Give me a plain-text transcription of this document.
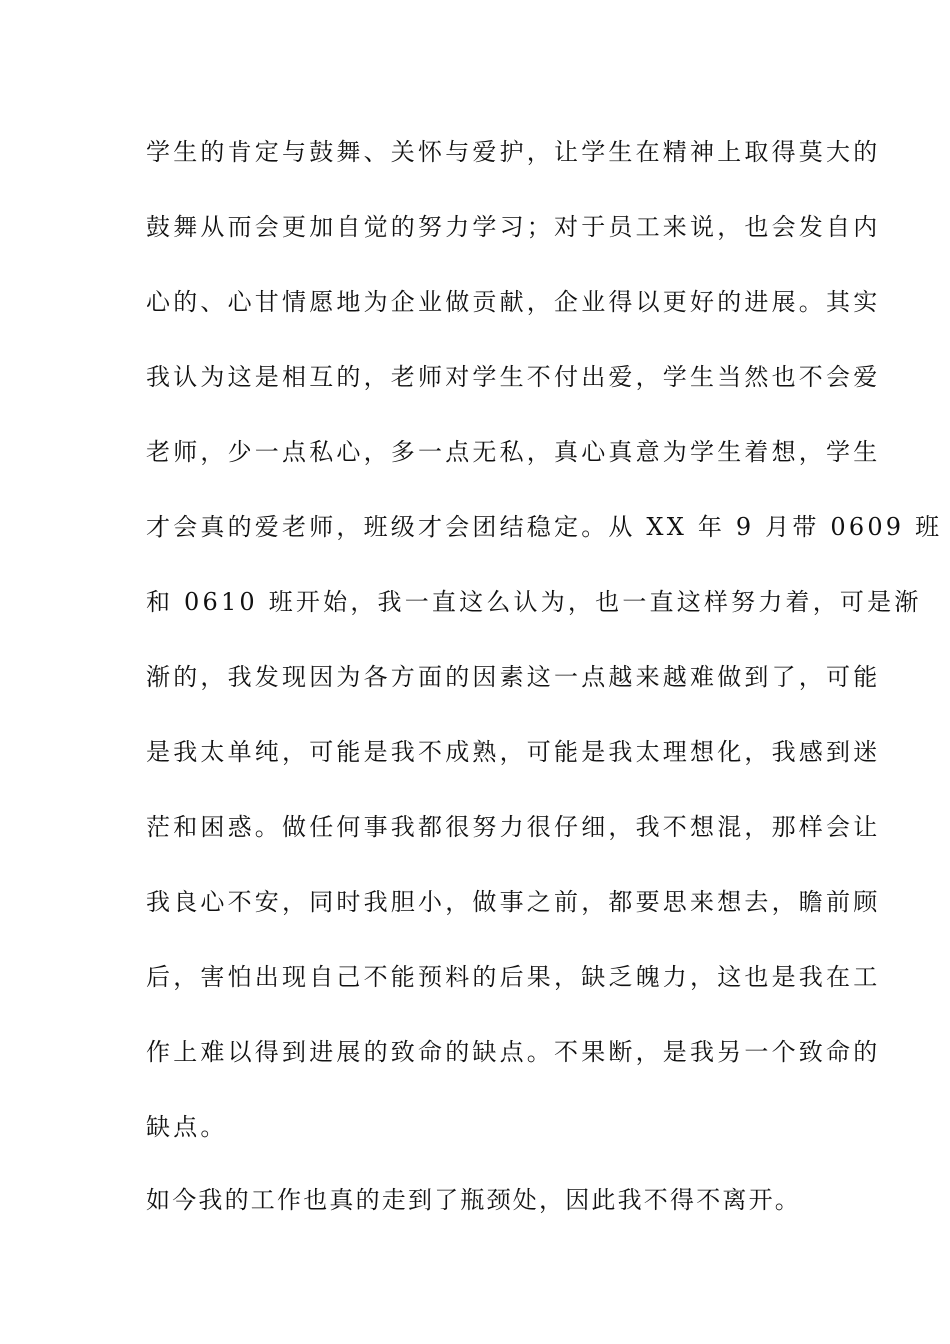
学生的肯定与鼓舞、关怀与爱护，让学生在精神上取得莫大的
鼓舞从而会更加自觉的努力学习；对于员工来说，也会发自内
心的、心甘情愿地为企业做贡献，企业得以更好的进展。其实
我认为这是相互的，老师对学生不付出爱，学生当然也不会爱
老师，少一点私心，多一点无私，真心真意为学生着想，学生
才会真的爱老师，班级才会团结稳定。从 XX 年 9 月带 0609 班
和 0610 班开始，我一直这么认为，也一直这样努力着，可是渐
渐的，我发现因为各方面的因素这一点越来越难做到了，可能
是我太单纯，可能是我不成熟，可能是我太理想化，我感到迷
茫和困惑。做任何事我都很努力很仔细，我不想混，那样会让
我良心不安，同时我胆小，做事之前，都要思来想去，瞻前顾
后，害怕出现自己不能预料的后果，缺乏魄力，这也是我在工
作上难以得到进展的致命的缺点。不果断，是我另一个致命的
缺点。
如今我的工作也真的走到了瓶颈处，因此我不得不离开。
